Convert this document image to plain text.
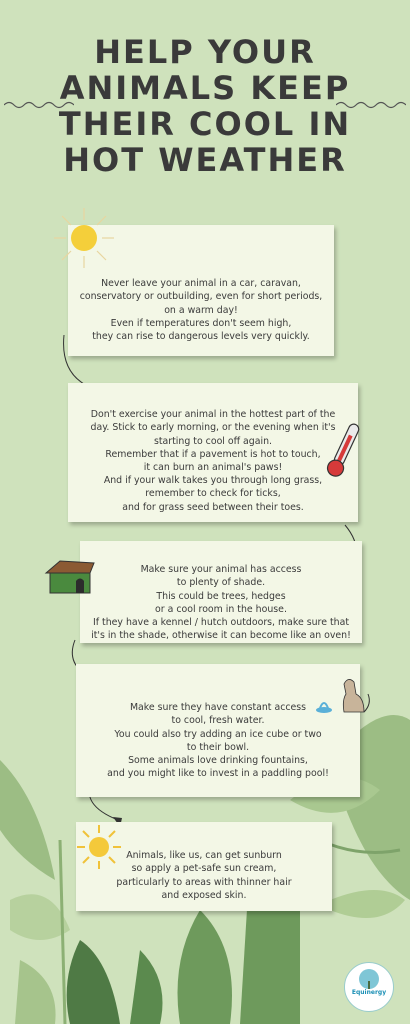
HELP YOUR
ANIMALS KEEP
THEIR COOL IN
HOT WEATHER

Never leave your animal in a car, caravan,
conservatory or outbuilding, even for short periods,
on a warm day!
Even if temperatures don't seem high,
they can rise to dangerous levels very quickly.

Don't exercise your animal in the hottest part of the
day. Stick to early morning, or the evening when it's
starting to cool off again.
Remember that if a pavement is hot to touch,
it can burn an animal's paws!
And if your walk takes you through long grass,
remember to check for ticks,
and for grass seed between their toes.

Make sure your animal has access
to plenty of shade.
This could be trees, hedges
or a cool room in the house.
If they have a kennel / hutch outdoors, make sure that
it's in the shade, otherwise it can become like an oven!

Make sure they have constant access
to cool, fresh water.
You could also try adding an ice cube or two
to their bowl.
Some animals love drinking fountains,
and you might like to invest in a paddling pool!

Animals, like us, can get sunburn
so apply a pet-safe sun cream,
particularly to areas with thinner hair
and exposed skin.

Equinergy
